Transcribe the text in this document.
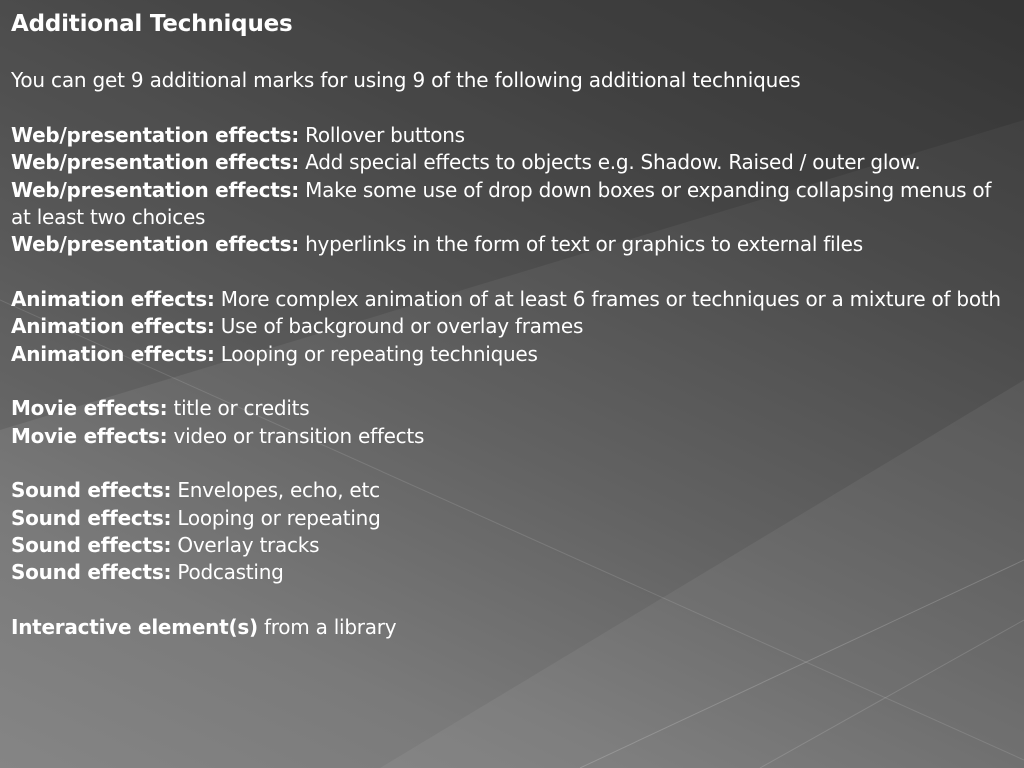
Additional Techniques
You can get 9 additional marks for using 9 of the following additional techniques
Web/presentation effects: Rollover buttons
Web/presentation effects: Add special effects to objects e.g. Shadow. Raised / outer glow.
Web/presentation effects: Make some use of drop down boxes or expanding collapsing menus of at least two choices
Web/presentation effects: hyperlinks in the form of text or graphics to external files
Animation effects: More complex animation of at least 6 frames or techniques or a mixture of both
Animation effects: Use of background or overlay frames
Animation effects: Looping or repeating techniques
Movie effects: title or credits
Movie effects: video or transition effects
Sound effects: Envelopes, echo, etc
Sound effects: Looping or repeating
Sound effects: Overlay tracks
Sound effects: Podcasting
Interactive element(s) from a library
